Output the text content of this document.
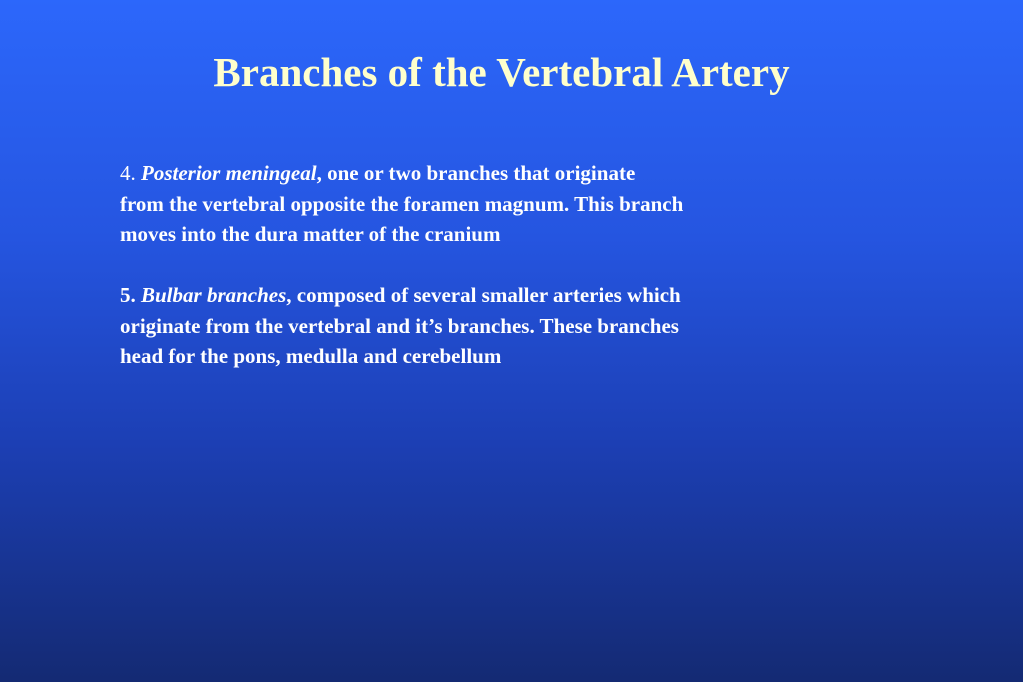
Branches of the Vertebral Artery

4. Posterior meningeal, one or two branches that originate
from the vertebral opposite the foramen magnum. This branch
moves into the dura matter of the cranium

5. Bulbar branches, composed of several smaller arteries which
originate from the vertebral and it’s branches. These branches
head for the pons, medulla and cerebellum
